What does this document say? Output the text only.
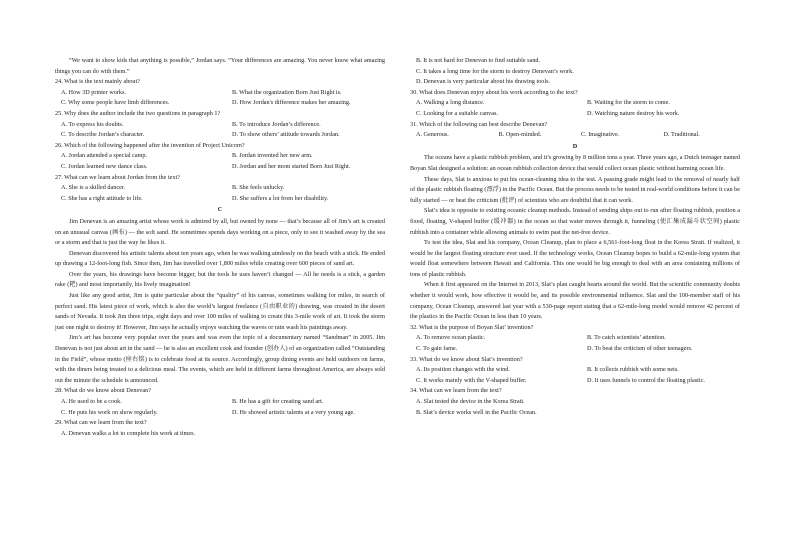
“We want to show kids that anything is possible,” Jordan says. “Your differences are amazing. You never know what amazing things you can do with them.”

24. What is the text mainly about?
A. How 3D printer works.	B. What the organization Born Just Right is.
C. Why some people have limb differences.	D. How Jordan's difference makes her amazing.
25. Why does the author include the two questions in paragraph 1?
A. To express his doubts.	B. To introduce Jordan’s difference.
C. To describe Jordan’s character.	D. To show others’ attitude towards Jordan.
26. Which of the following happened after the invention of Project Unicorn?
A. Jordan attended a special camp.	B. Jordan invented her new arm.
C. Jordan learned new dance class.	D. Jordan and her mom started Born Just Right.
27. What can we learn about Jordan from the text?
A. She is a skilled dancer.	B. She feels unlucky.
C. She has a right attitude to life.	D. She suffers a lot from her disability.
C

Jim Denevan is an amazing artist whose work is admired by all, but owned by none — that’s because all of Jim’s art is created on an unusual canvas (画布) — the soft sand. He sometimes spends days working on a piece, only to see it washed away by the sea or a storm and that is just the way he likes it.

Denevan discovered his artistic talents about ten years ago, when he was walking aimlessly on the beach with a stick. He ended up drawing a 12-foot-long fish. Since then, Jim has travelled over 1,800 miles while creating over 600 pieces of sand art.

Over the years, his drawings have become bigger, but the tools he uses haven’t changed — All he needs is a stick, a garden rake (耙) and most importantly, his lively imagination!

Just like any good artist, Jim is quite particular about the “quality” of his canvas, sometimes walking for miles, in search of perfect sand. His latest piece of work, which is also the world’s largest freelance (自由职业的) drawing, was created in the desert sands of Nevada. It took Jim three trips, eight days and over 100 miles of walking to create this 3-mile work of art. It took the storm just one night to destroy it! However, Jim says he actually enjoys watching the waves or rain wash his paintings away.

Jim’s art has become very popular over the years and was even the topic of a documentary named “Sandman” in 2005. Jim Denevan is not just about art in the sand — he is also an excellent cook and founder (创办人) of an organization called “Outstanding in the Field”, whose motto (座右铭) is to celebrate food at its source. Accordingly, group dining events are held outdoors on farms, with the diners being treated to a delicious meal. The events, which are held in different farms throughout America, are always sold out the minute the schedule is announced.

28. What do we know about Denevan?
A. He used to be a cook.	B. He has a gift for creating sand art.
C. He puts his work on show regularly.	D. He showed artistic talents at a very young age.
29. What can we learn from the text?
A. Denevan walks a lot to complete his work at times.
B. It is not hard for Denevan to find suitable sand.
C. It takes a long time for the storm to destroy Denevan’s work.
D. Denevan is very particular about his drawing tools.
30. What does Denevan enjoy about his work according to the text?
A. Walking a long distance.	B. Waiting for the storm to come.
C. Looking for a suitable canvas.	D. Watching nature destroy his work.
31. Which of the following can best describe Denevan?
A. Generous.	B. Open-minded.	C. Imaginative.	D. Traditional.
D

The oceans have a plastic rubbish problem, and it’s growing by 8 million tons a year. Three years ago, a Dutch teenager named Boyan Slat designed a solution: an ocean rubbish collection device that would collect ocean plastic without harming ocean life.

These days, Slat is anxious to put his ocean-cleaning idea to the test. A passing grade might lead to the removal of nearly half of the plastic rubbish floating (漂浮) in the Pacific Ocean. But the process needs to be tested in real-world conditions before it can be fully started — or beat the criticism (批评) of scientists who are doubtful that it can work.

Slat’s idea is opposite to existing oceanic cleanup methods. Instead of sending ships out to run after floating rubbish, position a fixed, floating, V-shaped buffer (缓冲器) in the ocean so that water moves through it, funneling (使汇集成漏斗状空间) plastic rubbish into a container while allowing animals to swim past the net-free device.

To test the idea, Slat and his company, Ocean Cleanup, plan to place a 6,561-foot-long float in the Korea Strait. If realized, it would be the largest floating structure ever used. If the technology works, Ocean Cleanup hopes to build a 62-mile-long system that would float somewhere between Hawaii and California. This one would be big enough to deal with an area containing millions of tons of plastic rubbish.

When it first appeared on the Internet in 2013, Slat’s plan caught hearts around the world. But the scientific community doubts whether it would work, how effective it would be, and its possible environmental influence. Slat and the 100-member staff of his company, Ocean Cleanup, answered last year with a 530-page report stating that a 62-mile-long model would remove 42 percent of the plastics in the Pacific Ocean in less than 10 years.

32. What is the purpose of Boyan Slat’ invention?
A. To remove ocean plastic.	B. To catch scientists’ attention.
C. To gain fame.	D. To beat the criticism of other teenagers.
33. What do we know about Slat’s invention?
A. Its position changes with the wind.	B. It collects rubbish with some nets.
C. It works mainly with the V-shaped buffer.	D. It uses funnels to control the floating plastic.
34. What can we learn from the text?
A. Slat tested the device in the Korea Strait.
B. Slat’s device works well in the Pacific Ocean.
